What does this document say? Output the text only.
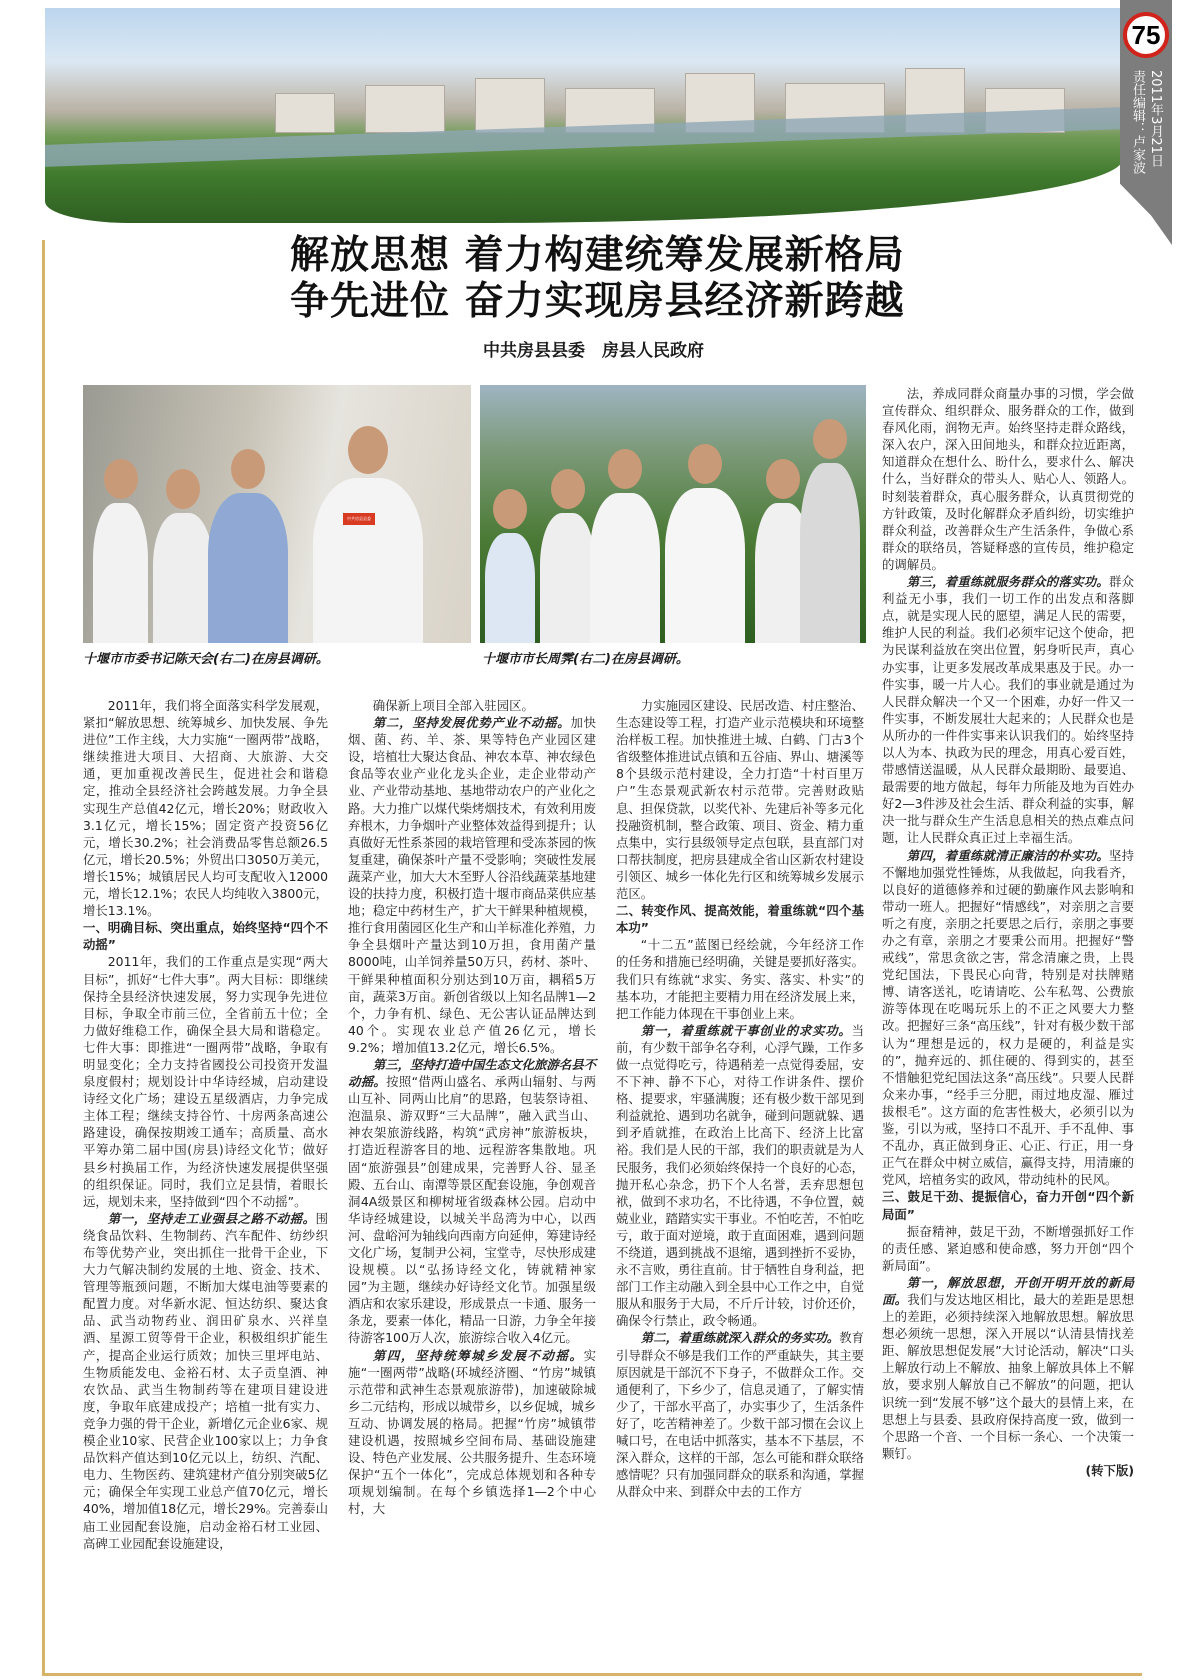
75
2011年3月21日
责任编辑：卢家波
解放思想 着力构建统筹发展新格局
争先进位 奋力实现房县经济新跨越
中共房县县委　房县人民政府
中共房县县委
十堰市市委书记陈天会(右二)在房县调研。	十堰市市长周霁(右二)在房县调研。

2011年，我们将全面落实科学发展观，紧扣“解放思想、统筹城乡、加快发展、争先进位”工作主线，大力实施“一圈两带”战略，继续推进大项目、大招商、大旅游、大交通，更加重视改善民生，促进社会和谐稳定，推动全县经济社会跨越发展。力争全县实现生产总值42亿元，增长20%；财政收入3.1亿元，增长15%；固定资产投资56亿元，增长30.2%；社会消费品零售总额26.5亿元，增长20.5%；外贸出口3050万美元，增长15%；城镇居民人均可支配收入12000元，增长12.1%；农民人均纯收入3800元，增长13.1%。

一、明确目标、突出重点，始终坚持“四个不动摇”

2011年，我们的工作重点是实现“两大目标”，抓好“七件大事”。两大目标：即继续保持全县经济快速发展，努力实现争先进位目标，争取全市前三位，全省前五十位；全力做好维稳工作，确保全县大局和谐稳定。七件大事：即推进“一圈两带”战略，争取有明显变化；全力支持省國投公司投资开发温泉度假村；规划设计中华诗经城，启动建设诗经文化广场；建设五星级酒店，力争完成主体工程；继续支持谷竹、十房两条高速公路建设，确保按期竣工通车；高质量、高水平筹办第二届中国(房县)诗经文化节；做好县乡村换届工作，为经济快速发展提供坚强的组织保证。同时，我们立足县情，着眼长远，规划未来，坚持做到“四个不动摇”。

第一，坚持走工业强县之路不动摇。围绕食品饮料、生物制药、汽车配件、纺纱织布等优势产业，突出抓住一批骨干企业，下大力气解决制约发展的土地、资金、技术、管理等瓶颈问题，不断加大煤电油等要素的配置力度。对华新水泥、恒达纺织、聚达食品、武当动物药业、润田矿泉水、兴祥皇酒、星源工贸等骨干企业，积极组织扩能生产，提高企业运行质效；加快三里坪电站、生物质能发电、金裕石材、太子贡皇酒、神农饮品、武当生物制药等在建项目建设进度，争取年底建成投产；培植一批有实力、竞争力强的骨干企业，新增亿元企业6家、规模企业10家、民营企业100家以上；力争食品饮料产值达到10亿元以上，纺织、汽配、电力、生物医药、建筑建材产值分别突破5亿元；确保全年实现工业总产值70亿元，增长40%，增加值18亿元，增长29%。完善泰山庙工业园配套设施，启动金裕石材工业园、高碑工业园配套设施建设，

确保新上项目全部入驻园区。

第二，坚持发展优势产业不动摇。加快烟、菌、药、羊、茶、果等特色产业园区建设，培植壮大聚达食品、神农本草、神农绿色食品等农业产业化龙头企业，走企业带动产业、产业带动基地、基地带动农户的产业化之路。大力推广以煤代柴烤烟技术，有效利用废弃根木，力争烟叶产业整体效益得到提升；认真做好无性系茶园的栽培管理和受冻茶园的恢复重建，确保茶叶产量不受影响；突破性发展蔬菜产业，加大大木至野人谷沿线蔬菜基地建设的扶持力度，积极打造十堰市商品菜供应基地；稳定中药材生产，扩大干鲜果种植规模，推行食用菌园区化生产和山羊标准化养殖，力争全县烟叶产量达到10万担，食用菌产量8000吨，山羊饲养量50万只，药材、茶叶、干鲜果种植面积分别达到10万亩，耦稻5万亩，蔬菜3万亩。新创省级以上知名品牌1—2个，力争有机、绿色、无公害认证品牌达到40个。实现农业总产值26亿元，增长9.2%；增加值13.2亿元，增长6.5%。

第三，坚持打造中国生态文化旅游名县不动摇。按照“借两山盛名、承两山辐射、与两山互补、同两山比肩”的思路，包装祭诗祖、泡温泉、游双野“三大品牌”，融入武当山、神农架旅游线路，构筑“武房神”旅游板块，打造近程游客目的地、远程游客集散地。巩固“旅游强县”创建成果，完善野人谷、显圣殿、五台山、南潭等景区配套设施，争创观音洞4A级景区和柳树垭省级森林公园。启动中华诗经城建设，以城关半岛湾为中心，以西河、盘峪河为轴线向西南方向延伸，筹建诗经文化广场，复制尹公祠，宝堂寺，尽快形成建设规模。以“弘扬诗经文化，铸就精神家园”为主题，继续办好诗经文化节。加强星级酒店和农家乐建设，形成景点一卡通、服务一条龙，要素一体化，精品一日游，力争全年接待游客100万人次，旅游综合收入4亿元。

第四，坚持统筹城乡发展不动摇。实施“一圈两带”战略(环城经济圈、“竹房”城镇示范带和武神生态景观旅游带)，加速破除城乡二元结构，形成以城带乡，以乡促城，城乡互动、协调发展的格局。把握“竹房”城镇带建设机遇，按照城乡空间布局、基础设施建设、特色产业发展、公共服务提升、生态环境保护“五个一体化”，完成总体规划和各种专项规划编制。在每个乡镇选择1—2个中心村，大

力实施园区建设、民居改造、村庄整治、生态建设等工程，打造产业示范模块和环境整治样板工程。加快推进土城、白鹤、门古3个省级整体推进试点镇和五谷庙、界山、塘溪等8个县级示范村建设，全力打造“十村百里万户”生态景观武新农村示范带。完善财政贴息、担保贷款，以奖代补、先建后补等多元化投融资机制，整合政策、项目、资金、精力重点集中，实行县级领导定点包联，县直部门对口帮扶制度，把房县建成全省山区新农村建设引领区、城乡一体化先行区和统筹城乡发展示范区。

二、转变作风、提高效能，着重练就“四个基本功”

“十二五”蓝图已经绘就，今年经济工作的任务和措施已经明确，关键是要抓好落实。我们只有练就“求实、务实、落实、朴实”的基本功，才能把主要精力用在经济发展上来，把工作能力体现在干事创业上来。

第一，着重练就干事创业的求实功。当前，有少数干部争名夺利，心浮气躁，工作多做一点觉得吃亏，待遇稍差一点觉得委屈，安不下神、静不下心，对待工作讲条件、摆价格、提要求，牢骚满腹；还有极少数干部见到利益就抢、遇到功名就争，碰到问题就躲、遇到矛盾就推，在政治上比高下、经济上比富裕。我们是人民的干部，我们的职责就是为人民服务，我们必须始终保持一个良好的心态，抛开私心杂念，扔下个人名誉，丢弃思想包袱，做到不求功名，不比待遇，不争位置，兢兢业业，踏踏实实干事业。不怕吃苦，不怕吃亏，敢于面对逆境，敢于直面困难，遇到问题不绕道，遇到挑战不退缩，遇到挫折不妥协，永不言败，勇往直前。甘于牺牲自身利益，把部门工作主动融入到全县中心工作之中，自觉服从和服务于大局，不斤斤计较，讨价还价，确保令行禁止，政令畅通。

第二，着重练就深入群众的务实功。教育引导群众不够是我们工作的严重缺失，其主要原因就是干部沉不下身子，不做群众工作。交通便利了，下乡少了，信息灵通了，了解实情少了，干部水平高了，办实事少了，生活条件好了，吃苦精神差了。少数干部习惯在会议上喊口号，在电话中抓落实，基本不下基层，不深入群众，这样的干部，怎么可能和群众联络感情呢？只有加强同群众的联系和沟通，掌握从群众中来、到群众中去的工作方

法，养成同群众商量办事的习惯，学会做宣传群众、组织群众、服务群众的工作，做到春风化雨，润物无声。始终坚持走群众路线，深入农户，深入田间地头，和群众拉近距离，知道群众在想什么、盼什么，要求什么、解决什么，当好群众的带头人、贴心人、领路人。时刻装着群众，真心服务群众，认真贯彻党的方针政策，及时化解群众矛盾纠纷，切实维护群众利益，改善群众生产生活条件，争做心系群众的联络员，答疑释惑的宣传员，维护稳定的调解员。

第三，着重练就服务群众的落实功。群众利益无小事，我们一切工作的出发点和落脚点，就是实现人民的愿望，满足人民的需要，维护人民的利益。我们必须牢记这个使命，把为民谋利益放在突出位置，躬身听民声，真心办实事，让更多发展改革成果惠及于民。办一件实事，暖一片人心。我们的事业就是通过为人民群众解决一个又一个困难，办好一件又一件实事，不断发展壮大起来的；人民群众也是从所办的一件件实事来认识我们的。始终坚持以人为本、执政为民的理念，用真心爱百姓，带感情送温暖，从人民群众最期盼、最要追、最需要的地方做起，每年力所能及地为百姓办好2—3件涉及社会生活、群众利益的实事，解决一批与群众生产生活息息相关的热点难点问题，让人民群众真正过上幸福生活。

第四，着重练就清正廉洁的朴实功。坚持不懈地加强党性锤炼，从我做起，向我看齐，以良好的道德修养和过硬的勤廉作风去影响和带动一班人。把握好“情感线”，对亲朋之言要听之有度，亲朋之托要思之后行，亲朋之事要办之有章，亲朋之才要秉公而用。把握好“警戒线”，常思贪欲之害，常念清廉之贵，上畏党纪国法，下畏民心向背，特别是对扶牌赌博、请客送礼，吃请请吃、公车私驾、公费旅游等体现在吃喝玩乐上的不正之风要大力整改。把握好三条“高压线”，针对有极少数干部认为“理想是远的，权力是硬的，利益是实的”，抛弃远的、抓住硬的、得到实的，甚至不惜触犯党纪国法这条“高压线”。只要人民群众来办事，“经手三分肥，雨过地皮湿、雁过拔根毛”。这方面的危害性极大，必须引以为鉴，引以为戒，坚持口不乱开、手不乱伸、事不乱办，真正做到身正、心正、行正，用一身正气在群众中树立威信，赢得支持，用清廉的党风，培植务实的政风，带动纯朴的民风。

三、鼓足干劲、提振信心，奋力开创“四个新局面”

振奋精神，鼓足干劲，不断增强抓好工作的责任感、紧迫感和使命感，努力开创“四个新局面”。

第一，解放思想，开创开明开放的新局面。我们与发达地区相比，最大的差距是思想上的差距，必须持续深入地解放思想。解放思想必须统一思想，深入开展以“认清县情找差距、解放思想促发展”大讨论活动，解决“口头上解放行动上不解放、抽象上解放具体上不解放，要求别人解放自己不解放”的问题，把认识统一到“发展不够”这个最大的县情上来，在思想上与县委、县政府保持高度一致，做到一个思路一个音、一个目标一条心、一个决策一颗钉。

(转下版)
